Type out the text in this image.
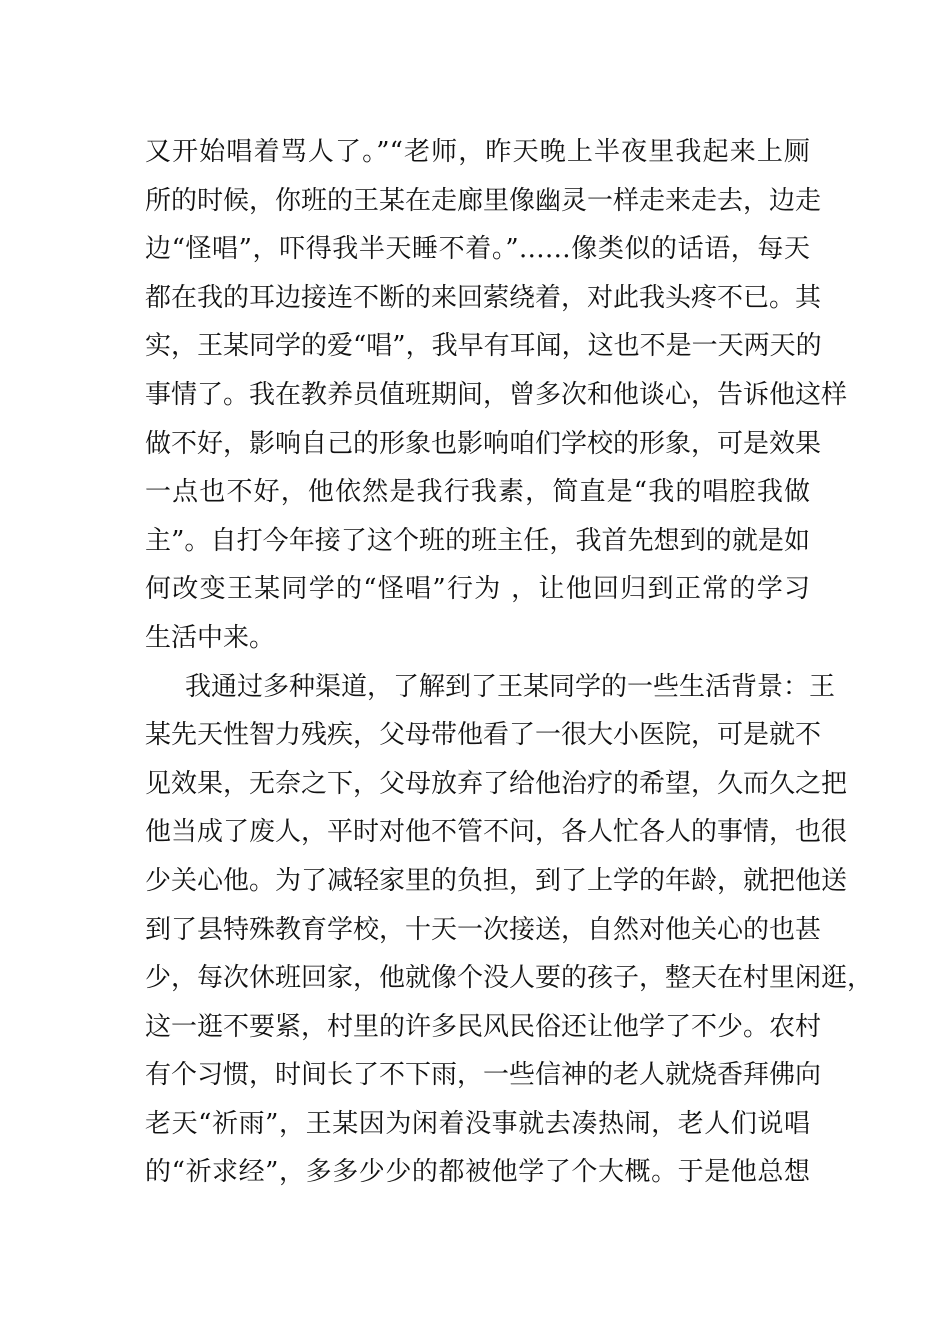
又开始唱着骂人了。”“老师，昨天晚上半夜里我起来上厕
所的时候，你班的王某在走廊里像幽灵一样走来走去，边走
边“怪唱”，吓得我半天睡不着。”……像类似的话语，每天
都在我的耳边接连不断的来回萦绕着，对此我头疼不已。其
实，王某同学的爱“唱”，我早有耳闻，这也不是一天两天的
事情了。我在教养员值班期间，曾多次和他谈心，告诉他这样
做不好，影响自己的形象也影响咱们学校的形象，可是效果
一点也不好，他依然是我行我素，简直是“我的唱腔我做
主”。自打今年接了这个班的班主任，我首先想到的就是如
何改变王某同学的“怪唱”行为 ，让他回归到正常的学习
生活中来。
我通过多种渠道，了解到了王某同学的一些生活背景：王
某先天性智力残疾，父母带他看了一很大小医院，可是就不
见效果，无奈之下，父母放弃了给他治疗的希望，久而久之把
他当成了废人，平时对他不管不问，各人忙各人的事情，也很
少关心他。为了减轻家里的负担，到了上学的年龄，就把他送
到了县特殊教育学校，十天一次接送，自然对他关心的也甚
少，每次休班回家，他就像个没人要的孩子，整天在村里闲逛，
这一逛不要紧，村里的许多民风民俗还让他学了不少。农村
有个习惯，时间长了不下雨，一些信神的老人就烧香拜佛向
老天“祈雨”，王某因为闲着没事就去凑热闹，老人们说唱
的“祈求经”，多多少少的都被他学了个大概。于是他总想
